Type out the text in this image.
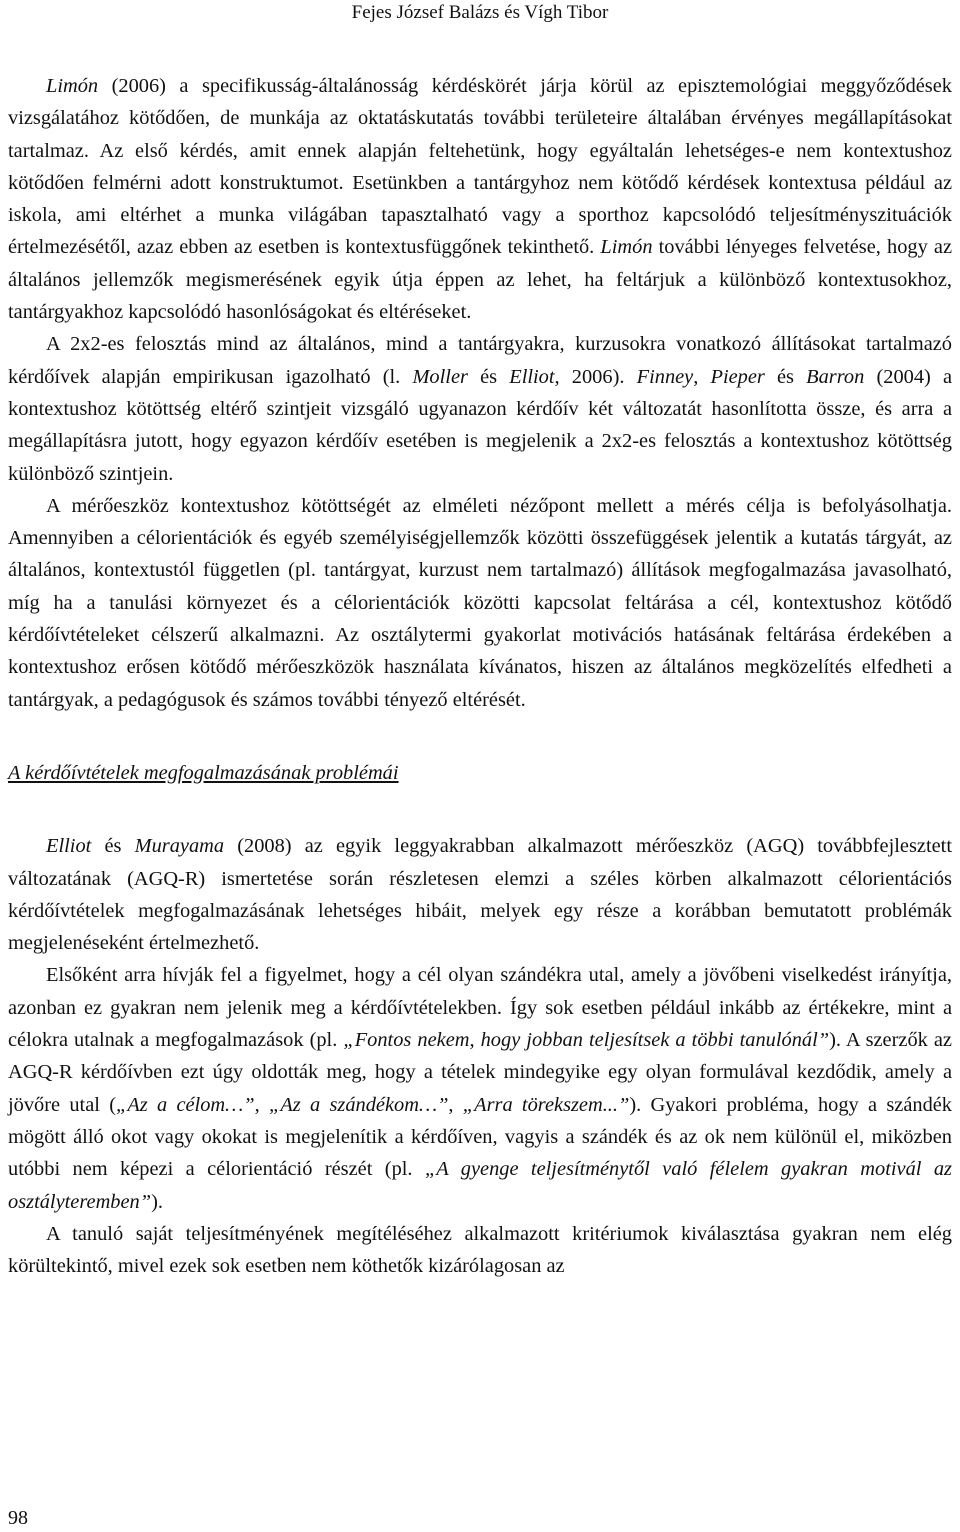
Fejes József Balázs és Vígh Tibor

Limón (2006) a specifikusság-általánosság kérdéskörét járja körül az episztemológiai meggyőződések vizsgálatához kötődően, de munkája az oktatáskutatás további területeire általában érvényes megállapításokat tartalmaz. Az első kérdés, amit ennek alapján feltehetünk, hogy egyáltalán lehetséges-e nem kontextushoz kötődően felmérni adott konstruktumot. Esetünkben a tantárgyhoz nem kötődő kérdések kontextusa például az iskola, ami eltérhet a munka világában tapasztalható vagy a sporthoz kapcsolódó teljesítményszituációk értelmezésétől, azaz ebben az esetben is kontextusfüggőnek tekinthető. Limón további lényeges felvetése, hogy az általános jellemzők megismerésének egyik útja éppen az lehet, ha feltárjuk a különböző kontextusokhoz, tantárgyakhoz kapcsolódó hasonlóságokat és eltéréseket.

A 2x2-es felosztás mind az általános, mind a tantárgyakra, kurzusokra vonatkozó állításokat tartalmazó kérdőívek alapján empirikusan igazolható (l. Moller és Elliot, 2006). Finney, Pieper és Barron (2004) a kontextushoz kötöttség eltérő szintjeit vizsgáló ugyanazon kérdőív két változatát hasonlította össze, és arra a megállapításra jutott, hogy egyazon kérdőív esetében is megjelenik a 2x2-es felosztás a kontextushoz kötöttség különböző szintjein.

A mérőeszköz kontextushoz kötöttségét az elméleti nézőpont mellett a mérés célja is befolyásolhatja. Amennyiben a célorientációk és egyéb személyiségjellemzők közötti összefüggések jelentik a kutatás tárgyát, az általános, kontextustól független (pl. tantárgyat, kurzust nem tartalmazó) állítások megfogalmazása javasolható, míg ha a tanulási környezet és a célorientációk közötti kapcsolat feltárása a cél, kontextushoz kötődő kérdőívtételeket célszerű alkalmazni. Az osztálytermi gyakorlat motivációs hatásának feltárása érdekében a kontextushoz erősen kötődő mérőeszközök használata kívánatos, hiszen az általános megközelítés elfedheti a tantárgyak, a pedagógusok és számos további tényező eltérését.

A kérdőívtételek megfogalmazásának problémái

Elliot és Murayama (2008) az egyik leggyakrabban alkalmazott mérőeszköz (AGQ) továbbfejlesztett változatának (AGQ-R) ismertetése során részletesen elemzi a széles körben alkalmazott célorientációs kérdőívtételek megfogalmazásának lehetséges hibáit, melyek egy része a korábban bemutatott problémák megjelenéseként értelmezhető.

Elsőként arra hívják fel a figyelmet, hogy a cél olyan szándékra utal, amely a jövőbeni viselkedést irányítja, azonban ez gyakran nem jelenik meg a kérdőívtételekben. Így sok esetben például inkább az értékekre, mint a célokra utalnak a megfogalmazások (pl. „Fontos nekem, hogy jobban teljesítsek a többi tanulónál”). A szerzők az AGQ-R kérdőívben ezt úgy oldották meg, hogy a tételek mindegyike egy olyan formulával kezdődik, amely a jövőre utal („Az a célom…”, „Az a szándékom…”, „Arra törekszem...”). Gyakori probléma, hogy a szándék mögött álló okot vagy okokat is megjelenítik a kérdőíven, vagyis a szándék és az ok nem különül el, miközben utóbbi nem képezi a célorientáció részét (pl. „A gyenge teljesítménytől való félelem gyakran motivál az osztályteremben”).

A tanuló saját teljesítményének megítéléséhez alkalmazott kritériumok kiválasztása gyakran nem elég körültekintő, mivel ezek sok esetben nem köthetők kizárólagosan az

98
